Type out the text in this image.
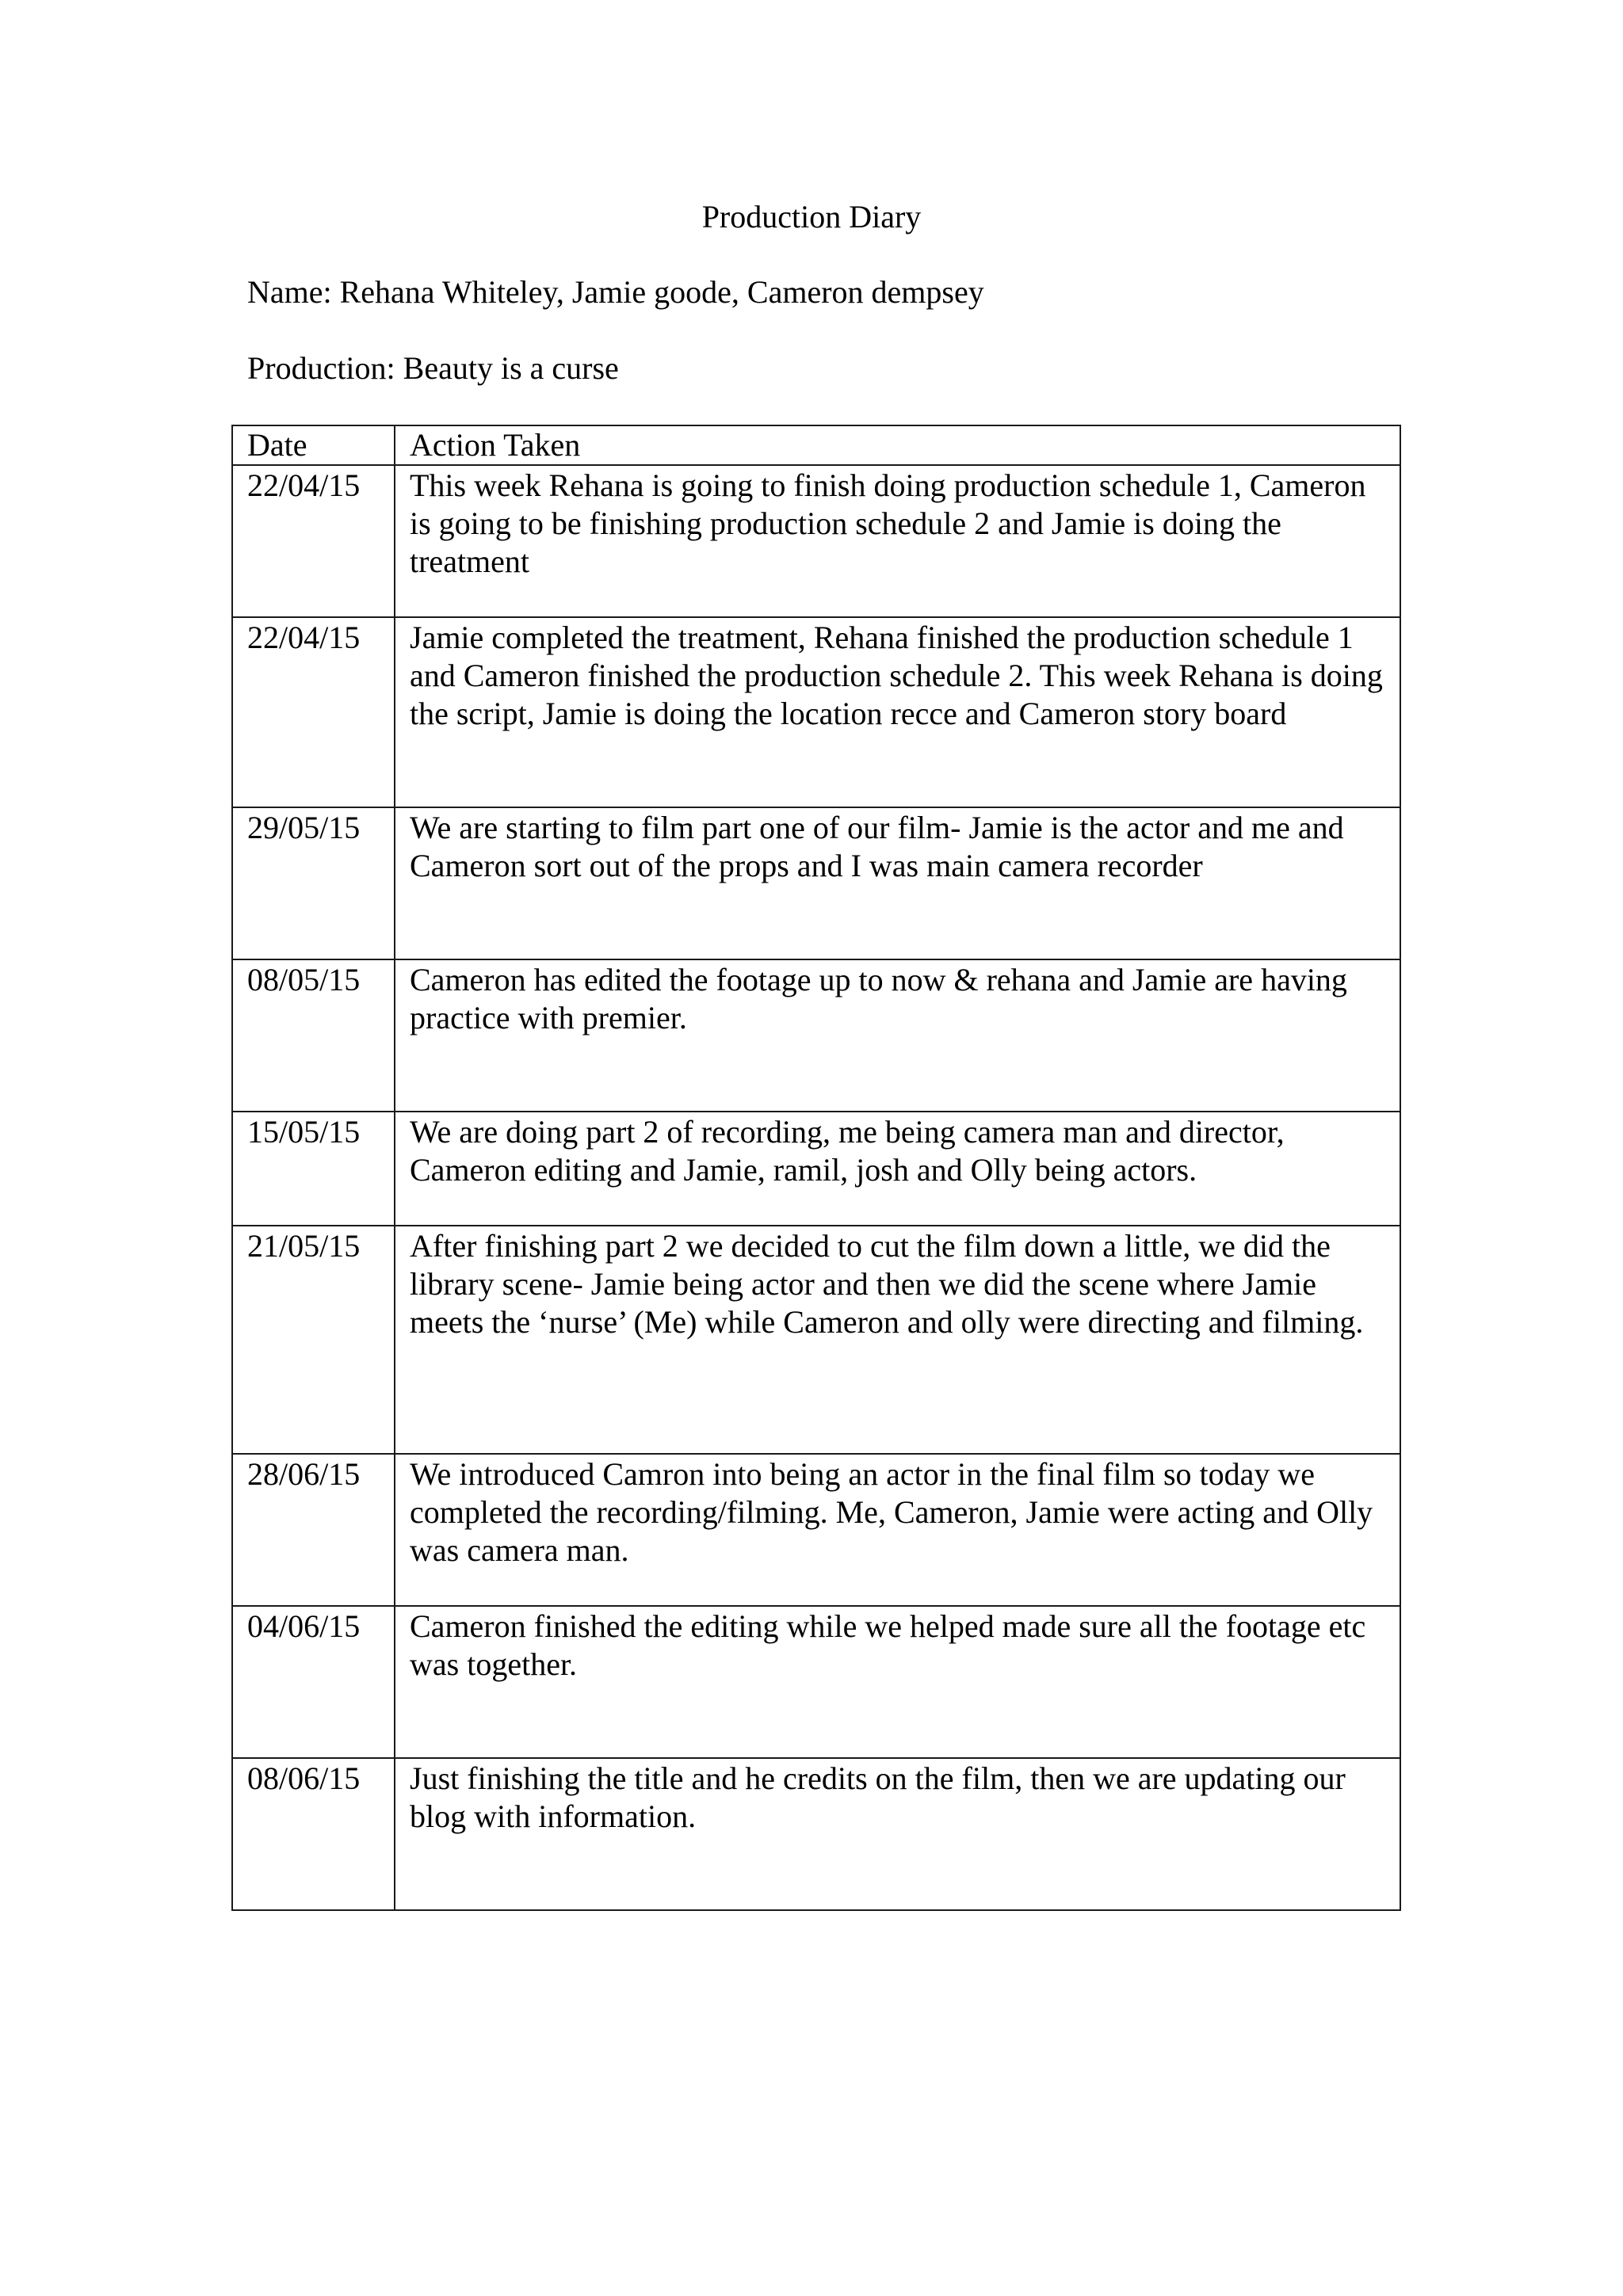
Production Diary

Name: Rehana Whiteley, Jamie goode, Cameron dempsey

Production: Beauty is a curse

Date	Action Taken
22/04/15	This week Rehana is going to finish doing production schedule 1, Cameron is going to be finishing production schedule 2 and Jamie is doing the treatment
22/04/15	Jamie completed the treatment, Rehana finished the production schedule 1 and Cameron finished the production schedule 2. This week Rehana is doing the script, Jamie is doing the location recce and Cameron story board
29/05/15	We are starting to film part one of our film- Jamie is the actor and me and Cameron sort out of the props and I was main camera recorder
08/05/15	Cameron has edited the footage up to now & rehana and Jamie are having practice with premier.
15/05/15	We are doing part 2 of recording, me being camera man and director, Cameron editing and Jamie, ramil, josh and Olly being actors.
21/05/15	After finishing part 2 we decided to cut the film down a little, we did the library scene- Jamie being actor and then we did the scene where Jamie meets the ‘nurse’ (Me) while Cameron and olly were directing and filming.
28/06/15	We introduced Camron into being an actor in the final film so today we completed the recording/filming. Me, Cameron, Jamie were acting and Olly was camera man.
04/06/15	Cameron finished the editing while we helped made sure all the footage etc was together.
08/06/15	Just finishing the title and he credits on the film, then we are updating our blog with information.
